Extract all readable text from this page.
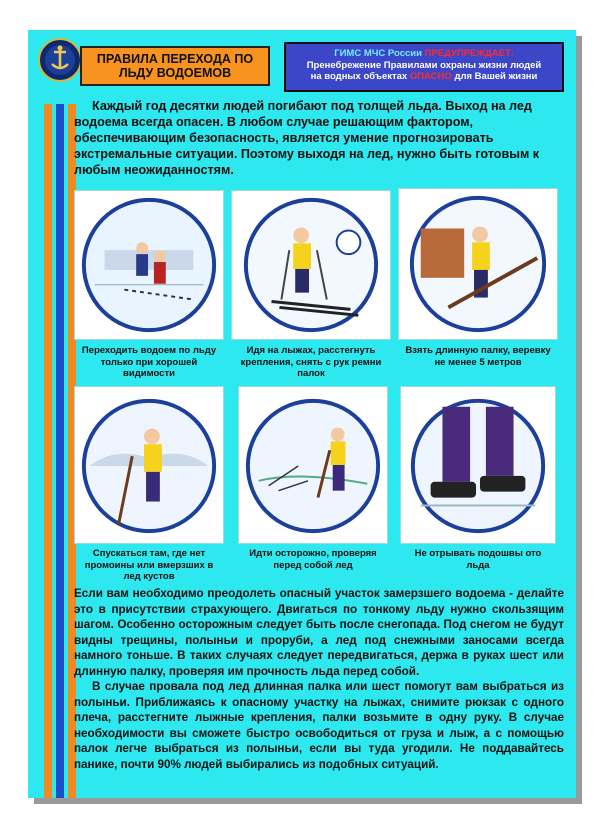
ПРАВИЛА ПЕРЕХОДА ПО ЛЬДУ ВОДОЕМОВ
ГИМС МЧС России ПРЕДУПРЕЖДАЕТ:
Пренебрежение Правилами охраны жизни людей
на водных объектах ОПАСНО для Вашей жизни
Каждый год десятки людей погибают под толщей льда. Выход на лед водоема всегда опасен. В любом случае решающим фактором, обеспечивающим безопасность, является умение прогнозировать экстремальные ситуации. Поэтому выходя на лед, нужно быть готовым к любым неожиданностям.
Переходить водоем по льду только при хорошей видимости
Идя на лыжах, расстегнуть крепления, снять с рук ремни палок
Взять длинную палку, веревку не менее 5 метров
Спускаться там, где нет промоины или вмерзших в лед кустов
Идти осторожно, проверяя перед собой лед
Не отрывать подошвы ото льда

Если вам необходимо преодолеть опасный участок замерзшего водоема - делайте это в присутствии страхующего. Двигаться по тонкому льду нужно скользящим шагом. Особенно осторожным следует быть после снегопада. Под снегом не будут видны трещины, полыньи и проруби, а лед под снежными заносами всегда намного тоньше. В таких случаях следует передвигаться, держа в руках шест или длинную палку, проверяя им прочность льда перед собой.

В случае провала под лед длинная палка или шест помогут вам выбраться из полыньи. Приближаясь к опасному участку на лыжах, снимите рюкзак с одного плеча, расстегните лыжные крепления, палки возьмите в одну руку. В случае необходимости вы сможете быстро освободиться от груза и лыж, а с помощью палок легче выбраться из полыньи, если вы туда угодили. Не поддавайтесь панике, почти 90% людей выбирались из подобных ситуаций.
